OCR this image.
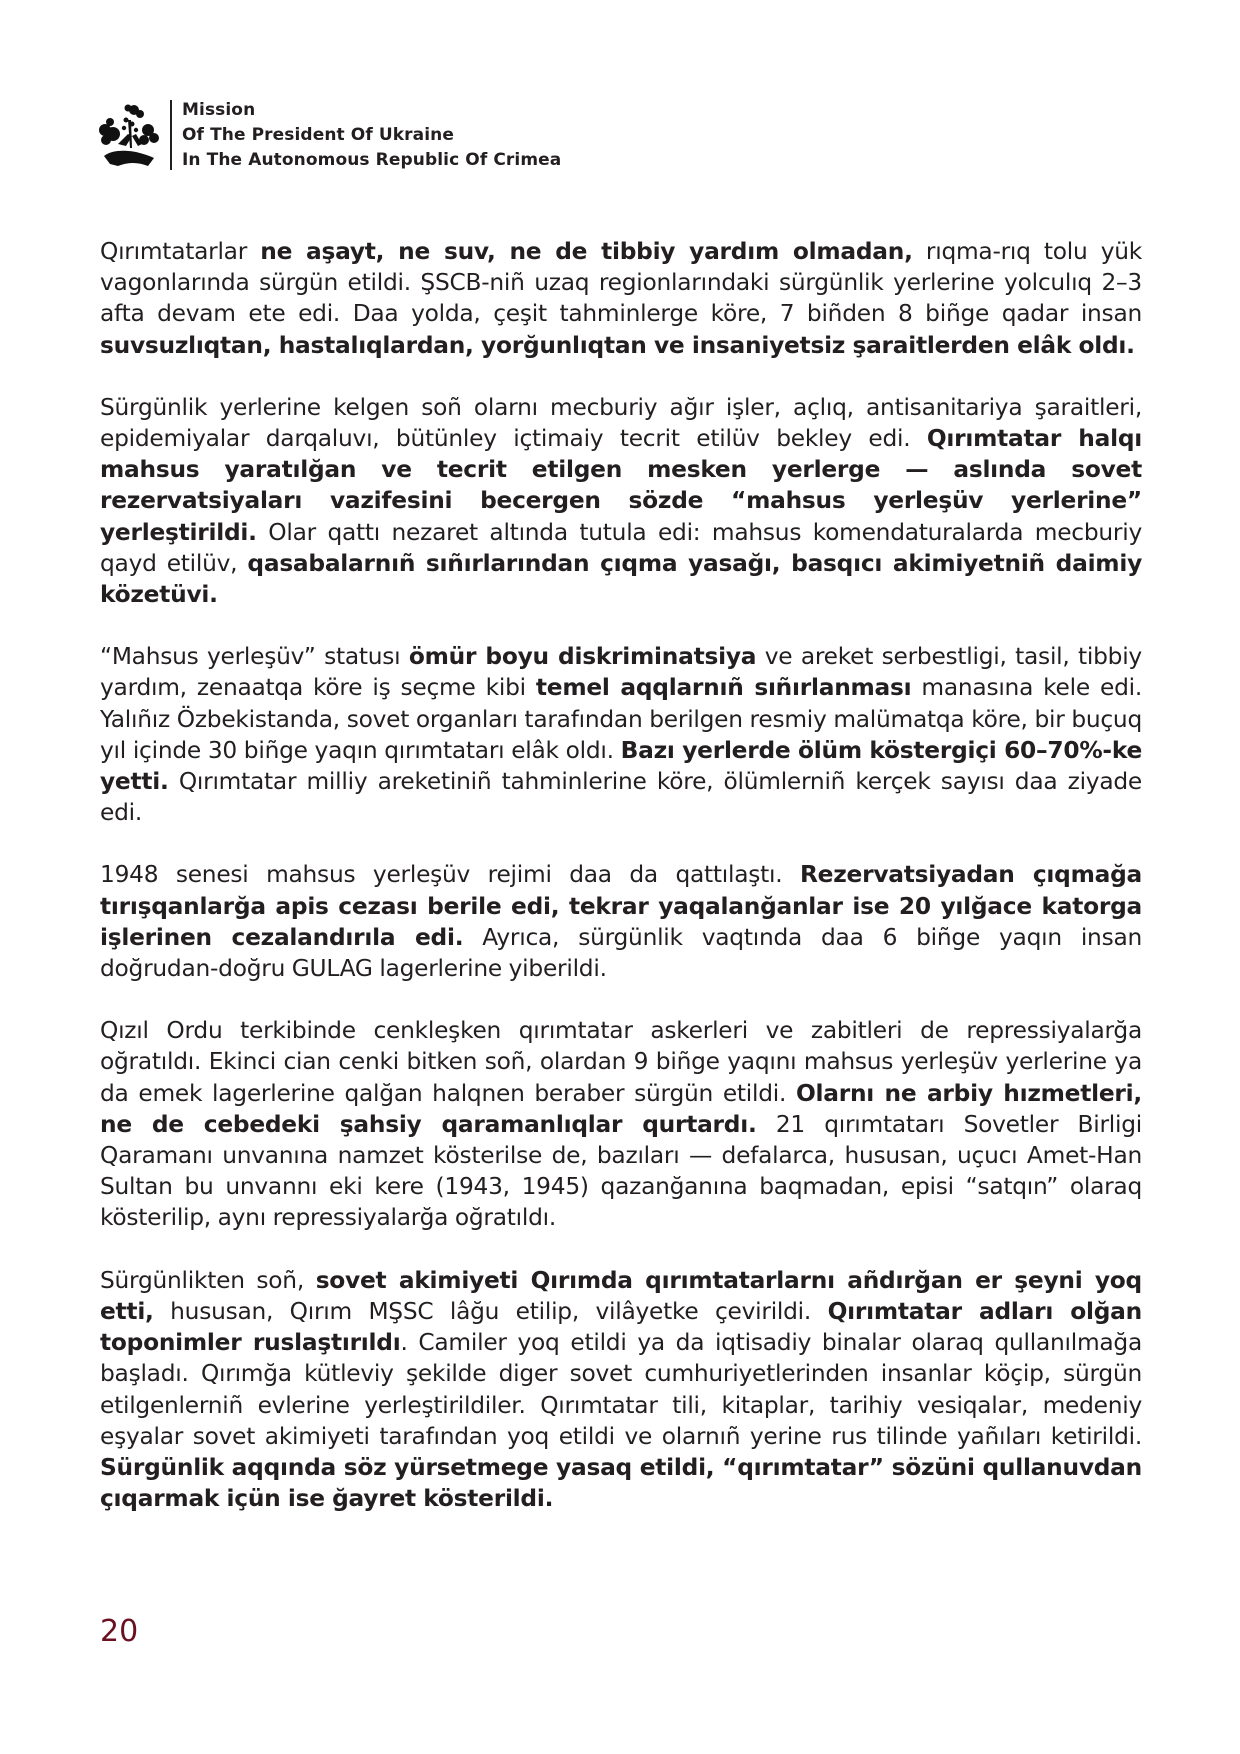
Mission
Of The President Of Ukraine
In The Autonomous Republic Of Crimea

Qırımtatarlar ne aşayt, ne suv, ne de tibbiy yardım olmadan, rıqma-rıq tolu yük vagonlarında sürgün etildi. ŞSCB-niñ uzaq regionlarındaki sürgünlik yerlerine yolculıq 2–3 afta devam ete edi. Daa yolda, çeşit tahminlerge köre, 7 biñden 8 biñge qadar insan suvsuzlıqtan, hastalıqlardan, yorğunlıqtan ve insaniyetsiz şaraitlerden elâk oldı.

Sürgünlik yerlerine kelgen soñ olarnı mecburiy ağır işler, açlıq, antisanitariya şaraitleri, epidemiyalar darqaluvı, bütünley içtimaiy tecrit etilüv bekley edi. Qırımtatar halqı mahsus yaratılğan ve tecrit etilgen mesken yerlerge — aslında sovet rezervatsiyaları vazifesini becergen sözde “mahsus yerleşüv yerlerine” yerleştirildi. Olar qattı nezaret altında tutula edi: mahsus komendaturalarda mecburiy qayd etilüv, qasabalarnıñ sıñırlarından çıqma yasağı, basqıcı akimiyetniñ daimiy közetüvi.

“Mahsus yerleşüv” statusı ömür boyu diskriminatsiya ve areket serbestligi, tasil, tibbiy yardım, zenaatqa köre iş seçme kibi temel aqqlarnıñ sıñırlanması manasına kele edi. Yalıñız Özbekistanda, sovet organları tarafından berilgen resmiy malümatqa köre, bir buçuq yıl içinde 30 biñge yaqın qırımtatarı elâk oldı. Bazı yerlerde ölüm köstergiçi 60–70%-ke yetti. Qırımtatar milliy areketiniñ tahminlerine köre, ölümlerniñ kerçek sayısı daa ziyade edi.

1948 senesi mahsus yerleşüv rejimi daa da qattılaştı. Rezervatsiyadan çıqmağa tırışqanlarğa apis cezası berile edi, tekrar yaqalanğanlar ise 20 yılğace katorga işlerinen cezalandırıla edi. Ayrıca, sürgünlik vaqtında daa 6 biñge yaqın insan doğrudan-doğru GULAG lagerlerine yiberildi.

Qızıl Ordu terkibinde cenkleşken qırımtatar askerleri ve zabitleri de repressiyalarğa oğratıldı. Ekinci cian cenki bitken soñ, olardan 9 biñge yaqını mahsus yerleşüv yerlerine ya da emek lagerlerine qalğan halqnen beraber sürgün etildi. Olarnı ne arbiy hızmetleri, ne de cebedeki şahsiy qaramanlıqlar qurtardı. 21 qırımtatarı Sovetler Birligi Qaramanı unvanına namzet kösterilse de, bazıları — defalarca, hususan, uçucı Amet-Han Sultan bu unvannı eki kere (1943, 1945) qazanğanına baqmadan, episi “satqın” olaraq kösterilip, aynı repressiyalarğa oğratıldı.

Sürgünlikten soñ, sovet akimiyeti Qırımda qırımtatarlarnı añdırğan er şeyni yoq etti, hususan, Qırım MŞSC lâğu etilip, vilâyetke çevirildi. Qırımtatar adları olğan toponimler ruslaştırıldı. Camiler yoq etildi ya da iqtisadiy binalar olaraq qullanılmağa başladı. Qırımğa kütleviy şekilde diger sovet cumhuriyetlerinden insanlar köçip, sürgün etilgenlerniñ evlerine yerleştirildiler. Qırımtatar tili, kitaplar, tarihiy vesiqalar, medeniy eşyalar sovet akimiyeti tarafından yoq etildi ve olarnıñ yerine rus tilinde yañıları ketirildi. Sürgünlik aqqında söz yürsetmege yasaq etildi, “qırımtatar” sözüni qullanuvdan çıqarmak içün ise ğayret kösterildi.

20
